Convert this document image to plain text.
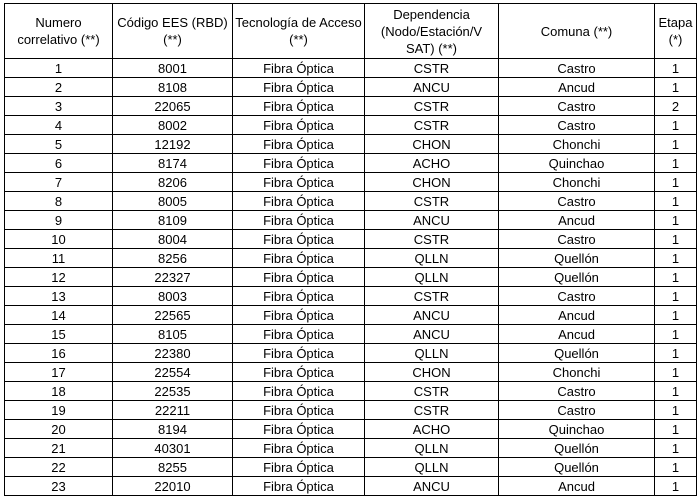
Numero correlativo (**)	Código EES (RBD) (**)	Tecnología de Acceso (**)	Dependencia (Nodo/Estación/V SAT) (**)	Comuna (**)	Etapa (*)
1	8001	Fibra Óptica	CSTR	Castro	1
2	8108	Fibra Óptica	ANCU	Ancud	1
3	22065	Fibra Óptica	CSTR	Castro	2
4	8002	Fibra Óptica	CSTR	Castro	1
5	12192	Fibra Óptica	CHON	Chonchi	1
6	8174	Fibra Óptica	ACHO	Quinchao	1
7	8206	Fibra Óptica	CHON	Chonchi	1
8	8005	Fibra Óptica	CSTR	Castro	1
9	8109	Fibra Óptica	ANCU	Ancud	1
10	8004	Fibra Óptica	CSTR	Castro	1
11	8256	Fibra Óptica	QLLN	Quellón	1
12	22327	Fibra Óptica	QLLN	Quellón	1
13	8003	Fibra Óptica	CSTR	Castro	1
14	22565	Fibra Óptica	ANCU	Ancud	1
15	8105	Fibra Óptica	ANCU	Ancud	1
16	22380	Fibra Óptica	QLLN	Quellón	1
17	22554	Fibra Óptica	CHON	Chonchi	1
18	22535	Fibra Óptica	CSTR	Castro	1
19	22211	Fibra Óptica	CSTR	Castro	1
20	8194	Fibra Óptica	ACHO	Quinchao	1
21	40301	Fibra Óptica	QLLN	Quellón	1
22	8255	Fibra Óptica	QLLN	Quellón	1
23	22010	Fibra Óptica	ANCU	Ancud	1
